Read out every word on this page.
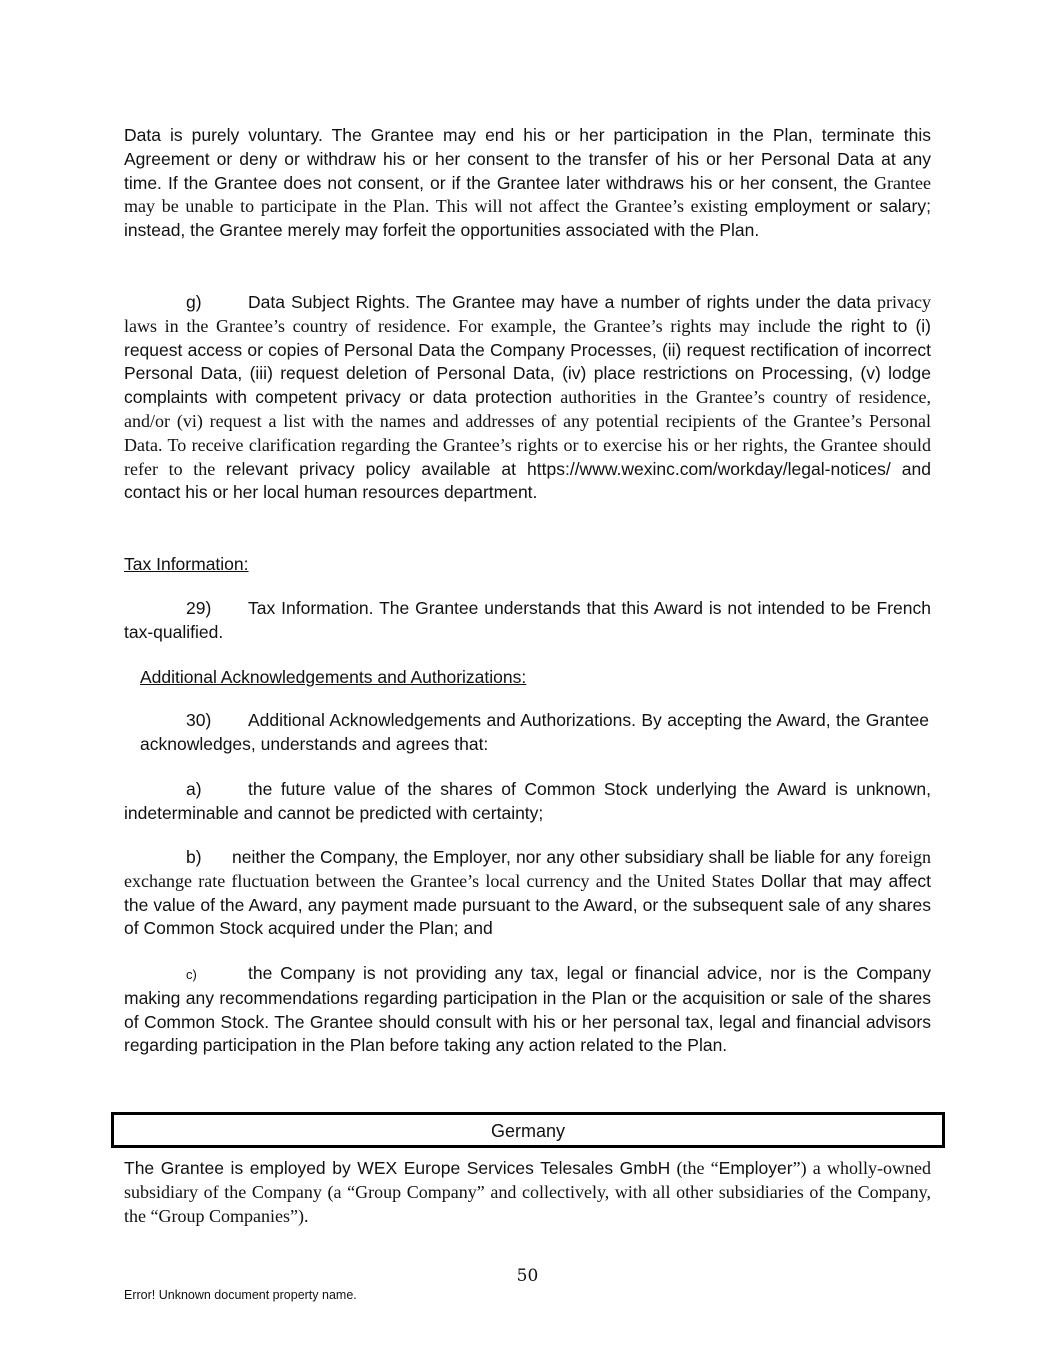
Data is purely voluntary. The Grantee may end his or her participation in the Plan, terminate this Agreement or deny or withdraw his or her consent to the transfer of his or her Personal Data at any time. If the Grantee does not consent, or if the Grantee later withdraws his or her consent, the Grantee may be unable to participate in the Plan. This will not affect the Grantee’s existing employment or salary; instead, the Grantee merely may forfeit the opportunities associated with the Plan.

g)	Data Subject Rights. The Grantee may have a number of rights under the data privacy laws in the Grantee’s country of residence. For example, the Grantee’s rights may include the right to (i) request access or copies of Personal Data the Company Processes, (ii) request rectification of incorrect Personal Data, (iii) request deletion of Personal Data, (iv) place restrictions on Processing, (v) lodge complaints with competent privacy or data protection authorities in the Grantee’s country of residence, and/or (vi) request a list with the names and addresses of any potential recipients of the Grantee’s Personal Data. To receive clarification regarding the Grantee’s rights or to exercise his or her rights, the Grantee should refer to the relevant privacy policy available at https://www.wexinc.com/workday/legal-notices/ and contact his or her local human resources department.

Tax Information:

29) Tax Information. The Grantee understands that this Award is not intended to be French tax-qualified.

Additional Acknowledgements and Authorizations:

30) Additional Acknowledgements and Authorizations. By accepting the Award, the Grantee acknowledges, understands and agrees that:

a)	the future value of the shares of Common Stock underlying the Award is unknown, indeterminable and cannot be predicted with certainty;

b) neither the Company, the Employer, nor any other subsidiary shall be liable for any foreign exchange rate fluctuation between the Grantee’s local currency and the United States Dollar that may affect the value of the Award, any payment made pursuant to the Award, or the subsequent sale of any shares of Common Stock acquired under the Plan; and

c)	the Company is not providing any tax, legal or financial advice, nor is the Company making any recommendations regarding participation in the Plan or the acquisition or sale of the shares of Common Stock. The Grantee should consult with his or her personal tax, legal and financial advisors regarding participation in the Plan before taking any action related to the Plan.

Germany

The Grantee is employed by WEX Europe Services Telesales GmbH (the “Employer”) a wholly-owned subsidiary of the Company (a “Group Company” and collectively, with all other subsidiaries of the Company, the “Group Companies”).

50
Error! Unknown document property name.
